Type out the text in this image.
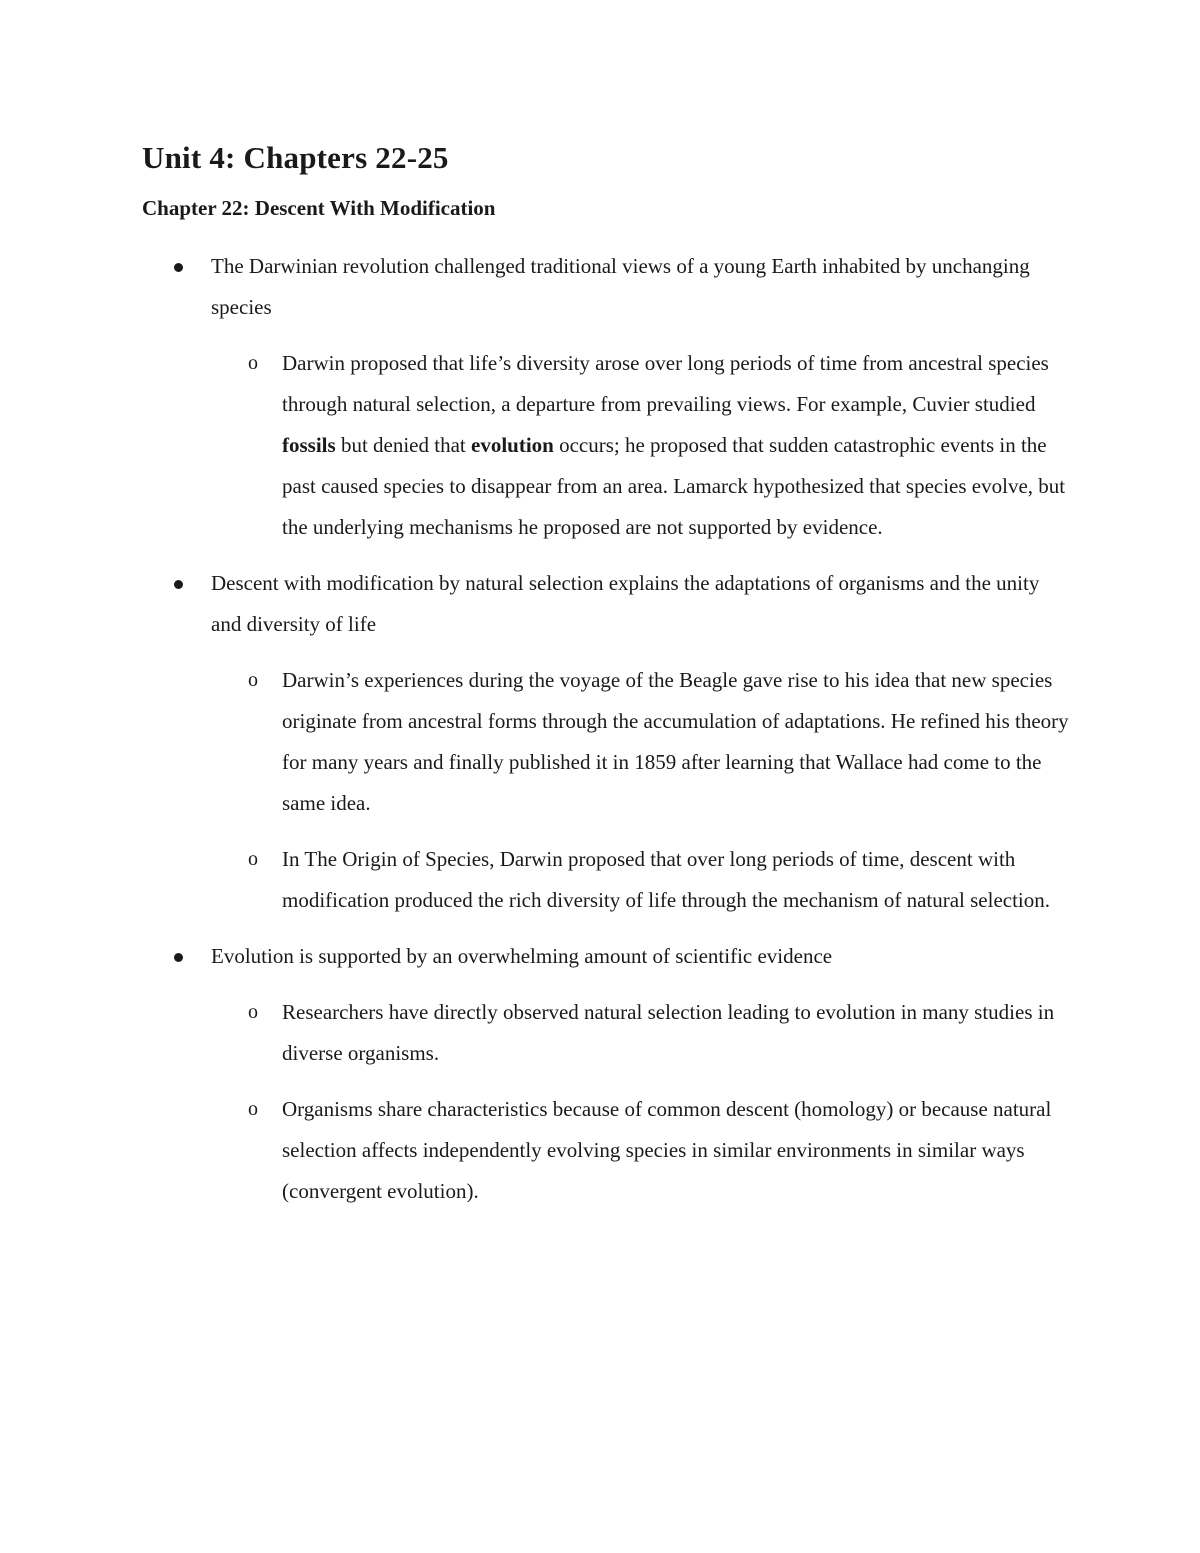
Unit 4: Chapters 22-25
Chapter 22: Descent With Modification
The Darwinian revolution challenged traditional views of a young Earth inhabited by unchanging species
o Darwin proposed that life’s diversity arose over long periods of time from ancestral species through natural selection, a departure from prevailing views. For example, Cuvier studied fossils but denied that evolution occurs; he proposed that sudden catastrophic events in the past caused species to disappear from an area. Lamarck hypothesized that species evolve, but the underlying mechanisms he proposed are not supported by evidence.
Descent with modification by natural selection explains the adaptations of organisms and the unity and diversity of life
o Darwin’s experiences during the voyage of the Beagle gave rise to his idea that new species originate from ancestral forms through the accumulation of adaptations. He refined his theory for many years and finally published it in 1859 after learning that Wallace had come to the same idea.
o In The Origin of Species, Darwin proposed that over long periods of time, descent with modification produced the rich diversity of life through the mechanism of natural selection.
Evolution is supported by an overwhelming amount of scientific evidence
o Researchers have directly observed natural selection leading to evolution in many studies in diverse organisms.
o Organisms share characteristics because of common descent (homology) or because natural selection affects independently evolving species in similar environments in similar ways (convergent evolution).
